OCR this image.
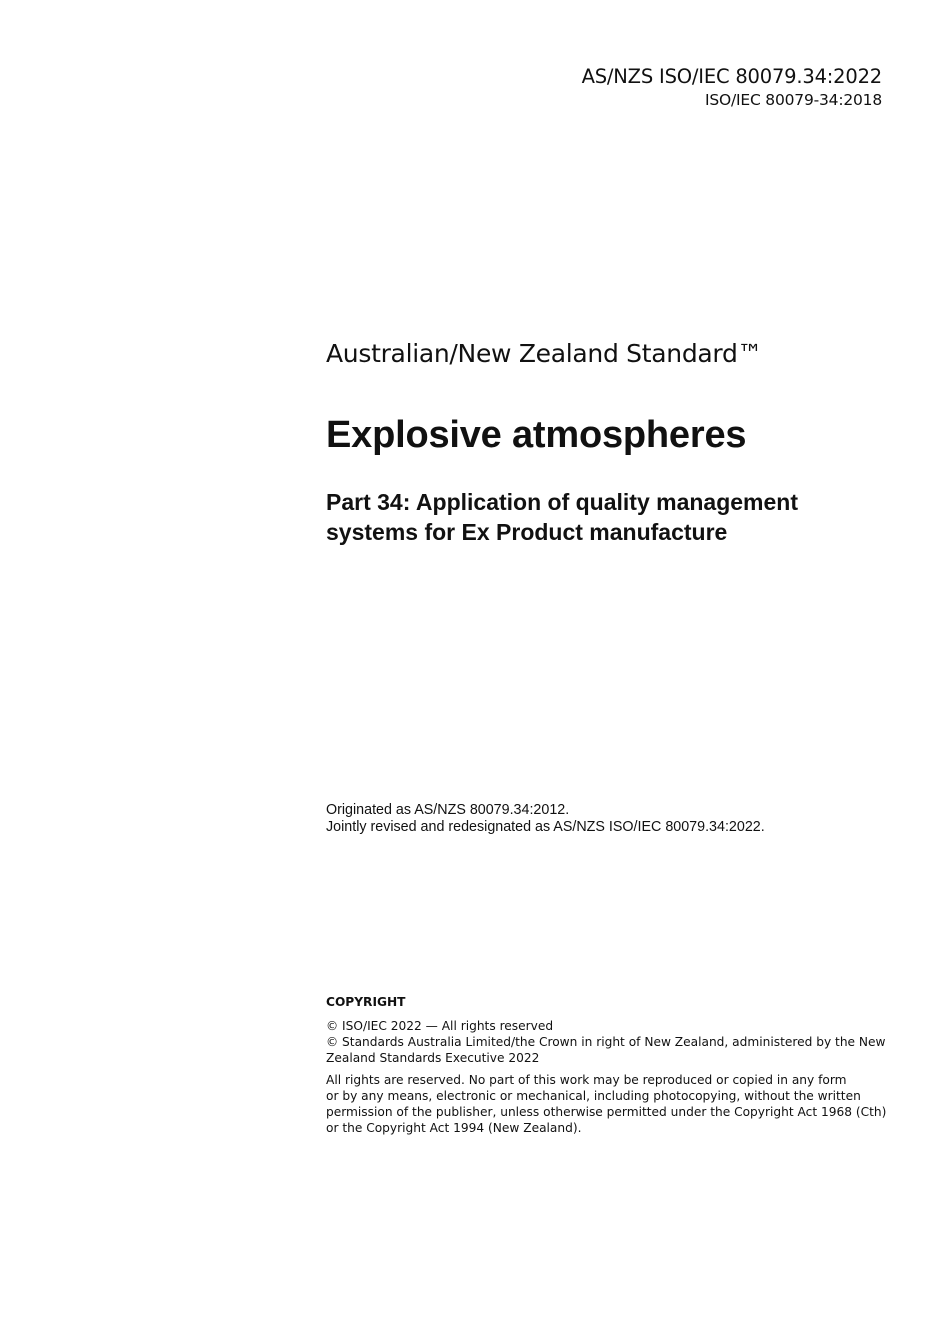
AS/NZS ISO/IEC 80079.34:2022
ISO/IEC 80079-34:2018
Australian/New Zealand Standard™
Explosive atmospheres
Part 34: Application of quality management
systems for Ex Product manufacture
Originated as AS/NZS 80079.34:2012.
Jointly revised and redesignated as AS/NZS ISO/IEC 80079.34:2022.
COPYRIGHT
© ISO/IEC 2022 — All rights reserved
© Standards Australia Limited/the Crown in right of New Zealand, administered by the New
Zealand Standards Executive 2022
All rights are reserved. No part of this work may be reproduced or copied in any form
or by any means, electronic or mechanical, including photocopying, without the written
permission of the publisher, unless otherwise permitted under the Copyright Act 1968 (Cth)
or the Copyright Act 1994 (New Zealand).
